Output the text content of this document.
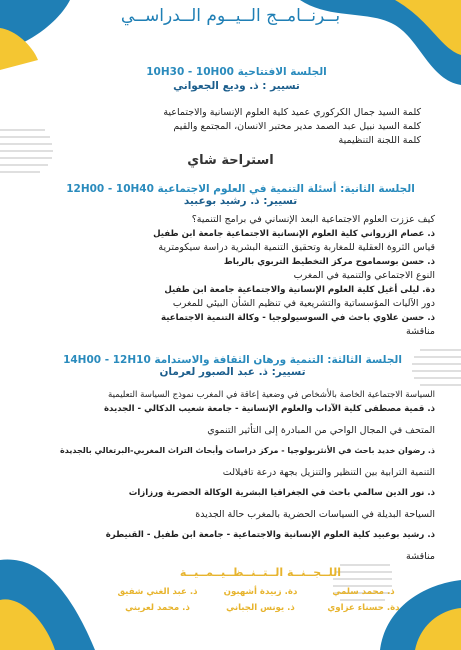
بــرنــامــج الــيــوم الــدراســي
الجلسة الافتتاحية 10H30 - 10H00
تسيير : ذ. وديع الجعواني
كلمة السيد جمال الكركوري عميد كلية العلوم الإنسانية والاجتماعية
كلمة السيد نبيل عبد الصمد مدير مختبر الانسان، المجتمع والقيم
كلمة اللجنة التنظيمية
استراحة شاي
الجلسة الثانية: أسئلة التنمية في العلوم الاجتماعية 12H00 - 10H40
تسيير: ذ. رشيد بوعبيد
كيف عززت العلوم الاجتماعية البعد الإنساني في برامج التنمية؟
ذ. عصام الزرواني كلية العلوم الإنسانية الاجتماعية جامعة ابن طفيل
قياس الثروة العقلية للمغاربة وتحقيق التنمية البشرية دراسة سيكومترية
ذ. حسن بوسماموح مركز التخطيط التربوي بالرباط
النوع الاجتماعي والتنمية في المغرب
دة. ليلى أغيل كلية العلوم الإنسانية والاجتماعية جامعة ابن طفيل
دور الآليات المؤسساتية والتشريعية في تنظيم الشأن البيئي للمغرب
ذ. حسن علاوي باحث في السوسيولوجيا - وكالة التنمية الاجتماعية
مناقشة
الجلسة الثالثة: التنمية ورهان الثقافة والاستدامة 14H00 - 12H10
تسيير: ذ. عبد الصبور لعرمان
السياسة الاجتماعية الخاصة بالأشخاص في وضعية إعاقة في المغرب نموذج السياسة التعليمية
ذ. قمية مصطفى كلية الآداب والعلوم الإنسانية - جامعة شعيب الدكالي - الجديدة
المتحف في المجال الواحي من المبادرة إلى التأثير التنموي
ذ. رضوان خديد باحث في الأنثربولوجيا - مركز دراسات وأبحاث التراث المغربي-البرتغالي بالجديدة
التنمية الترابية بين التنظير والتنزيل بجهة درعة تافيلالت
ذ. نور الدين سالمي باحث في الجغرافيا البشرية الوكالة الحضرية ورزازات
السياحة البديلة في السياسات الحضرية بالمغرب حالة الجديدة
ذ. رشيد بوعبيد كلية العلوم الإنسانية والاجتماعية - جامعة ابن طفيل - القنيطرة
مناقشة
اللــجــنــة الــتــنــظــيــمــيــة
ذ. محمد سلمي
دة. زبيدة أشهبون
ذ. عبد الغني شفيق
دة. حسناء عزاوي
ذ. يونس الجباني
ذ. محمد لعريني
